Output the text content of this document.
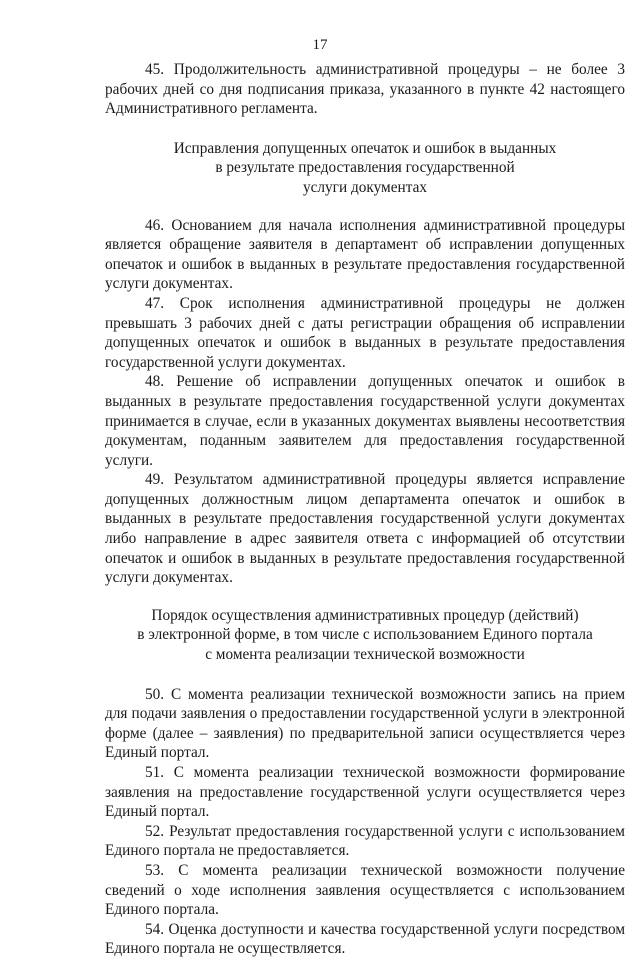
17

45. Продолжительность административной процедуры – не более 3 рабочих дней со дня подписания приказа, указанного в пункте 42 настоящего Административного регламента.

Исправления допущенных опечаток и ошибок в выданных

в результате предоставления государственной

услуги документах

46. Основанием для начала исполнения административной процедуры является обращение заявителя в департамент об исправлении допущенных опечаток и ошибок в выданных в результате предоставления государственной услуги документах.

47. Срок исполнения административной процедуры не должен превышать 3 рабочих дней с даты регистрации обращения об исправлении допущенных опечаток и ошибок в выданных в результате предоставления государственной услуги документах.

48. Решение об исправлении допущенных опечаток и ошибок в выданных в результате предоставления государственной услуги документах принимается в случае, если в указанных документах выявлены несоответствия документам, поданным заявителем для предоставления государственной услуги.

49. Результатом административной процедуры является исправление допущенных должностным лицом департамента опечаток и ошибок в выданных в результате предоставления государственной услуги документах либо направление в адрес заявителя ответа с информацией об отсутствии опечаток и ошибок в выданных в результате предоставления государственной услуги документах.

Порядок осуществления административных процедур (действий)

в электронной форме, в том числе с использованием Единого портала

с момента реализации технической возможности

50. С момента реализации технической возможности запись на прием для подачи заявления о предоставлении государственной услуги в электронной форме (далее – заявления) по предварительной записи осуществляется через Единый портал.

51. С момента реализации технической возможности формирование заявления на предоставление государственной услуги осуществляется через Единый портал.

52. Результат предоставления государственной услуги с использованием Единого портала не предоставляется.

53. С момента реализации технической возможности получение сведений о ходе исполнения заявления осуществляется с использованием Единого портала.

54. Оценка доступности и качества государственной услуги посредством Единого портала не осуществляется.
